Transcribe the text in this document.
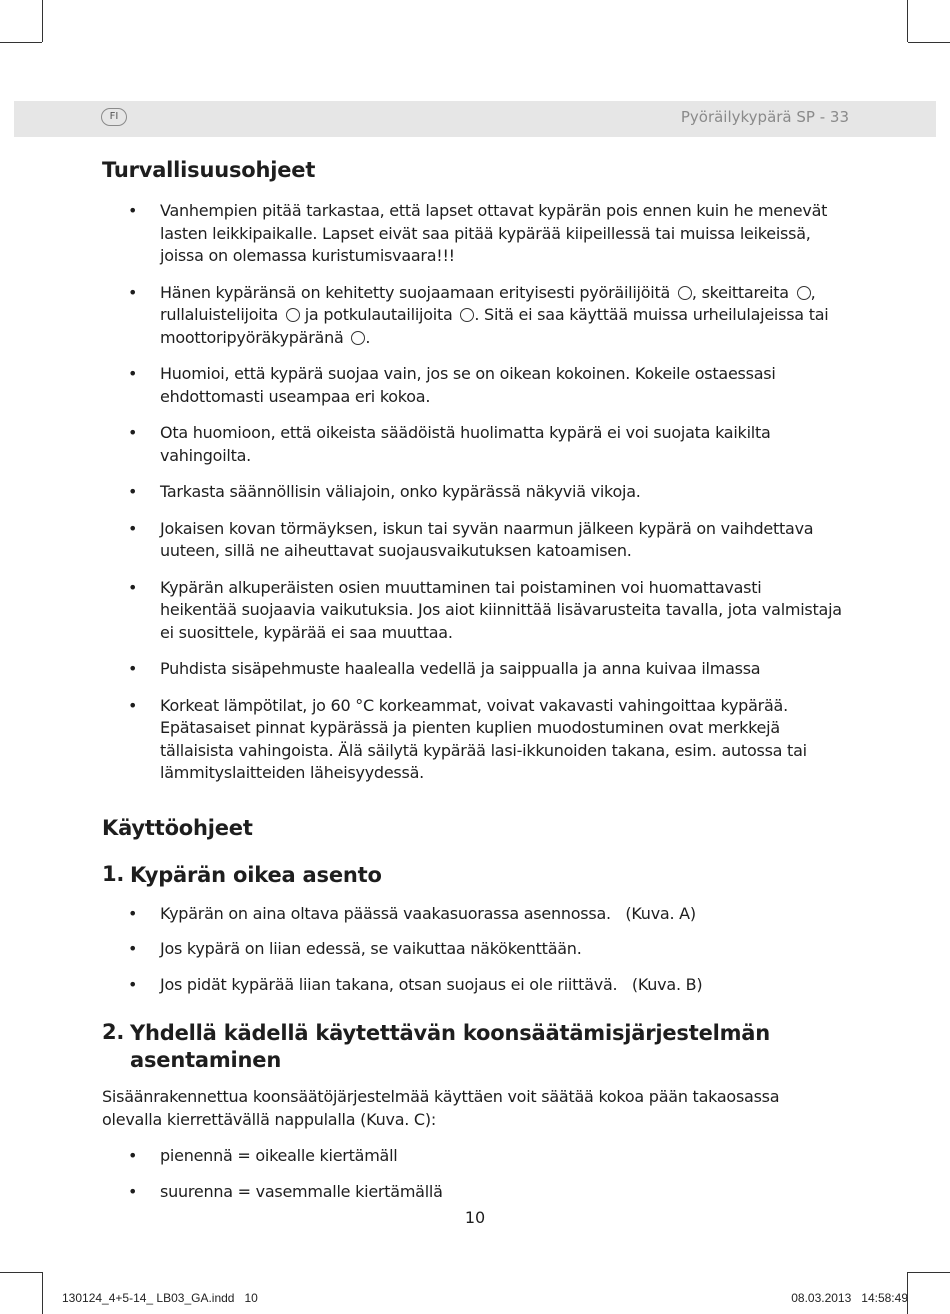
FI	Pyöräilykypärä SP - 33
Turvallisuusohjeet
• Vanhempien pitää tarkastaa, että lapset ottavat kypärän pois ennen kuin he menevät lasten leikkipaikalle. Lapset eivät saa pitää kypärää kiipeillessä tai muissa leikeissä, joissa on olemassa kuristumisvaara!!!
• Hänen kypäränsä on kehitetty suojaamaan erityisesti pyöräilijöitä , skeittareita , rullaluistelijoita ja potkulautailijoita . Sitä ei saa käyttää muissa urheilulajeissa tai moottoripyöräkypäränä .
• Huomioi, että kypärä suojaa vain, jos se on oikean kokoinen. Kokeile ostaessasi ehdottomasti useampaa eri kokoa.
• Ota huomioon, että oikeista säädöistä huolimatta kypärä ei voi suojata kaikilta vahingoilta.
• Tarkasta säännöllisin väliajoin, onko kypärässä näkyviä vikoja.
• Jokaisen kovan törmäyksen, iskun tai syvän naarmun jälkeen kypärä on vaihdettava uuteen, sillä ne aiheuttavat suojausvaikutuksen katoamisen.
• Kypärän alkuperäisten osien muuttaminen tai poistaminen voi huomattavasti heikentää suojaavia vaikutuksia. Jos aiot kiinnittää lisävarusteita tavalla, jota valmistaja ei suosittele, kypärää ei saa muuttaa.
• Puhdista sisäpehmuste haalealla vedellä ja saippualla ja anna kuivaa ilmassa
• Korkeat lämpötilat, jo 60 °C korkeammat, voivat vakavasti vahingoittaa kypärää. Epätasaiset pinnat kypärässä ja pienten kuplien muodostuminen ovat merkkejä tällaisista vahingoista. Älä säilytä kypärää lasi-ikkunoiden takana, esim. autossa tai lämmityslaitteiden läheisyydessä.
Käyttöohjeet
1. Kypärän oikea asento
• Kypärän on aina oltava päässä vaakasuorassa asennossa.   (Kuva. A)
• Jos kypärä on liian edessä, se vaikuttaa näkökenttään.
• Jos pidät kypärää liian takana, otsan suojaus ei ole riittävä.   (Kuva. B)
2. Yhdellä kädellä käytettävän koonsäätämisjärjestelmän asentaminen
Sisäänrakennettua koonsäätöjärjestelmää käyttäen voit säätää kokoa pään takaosassa olevalla kierrettävällä nappulalla (Kuva. C):
• pienennä = oikealle kiertämäll
• suurenna = vasemmalle kiertämällä
10
130124_4+5-14_ LB03_GA.indd   10	08.03.2013   14:58:49
